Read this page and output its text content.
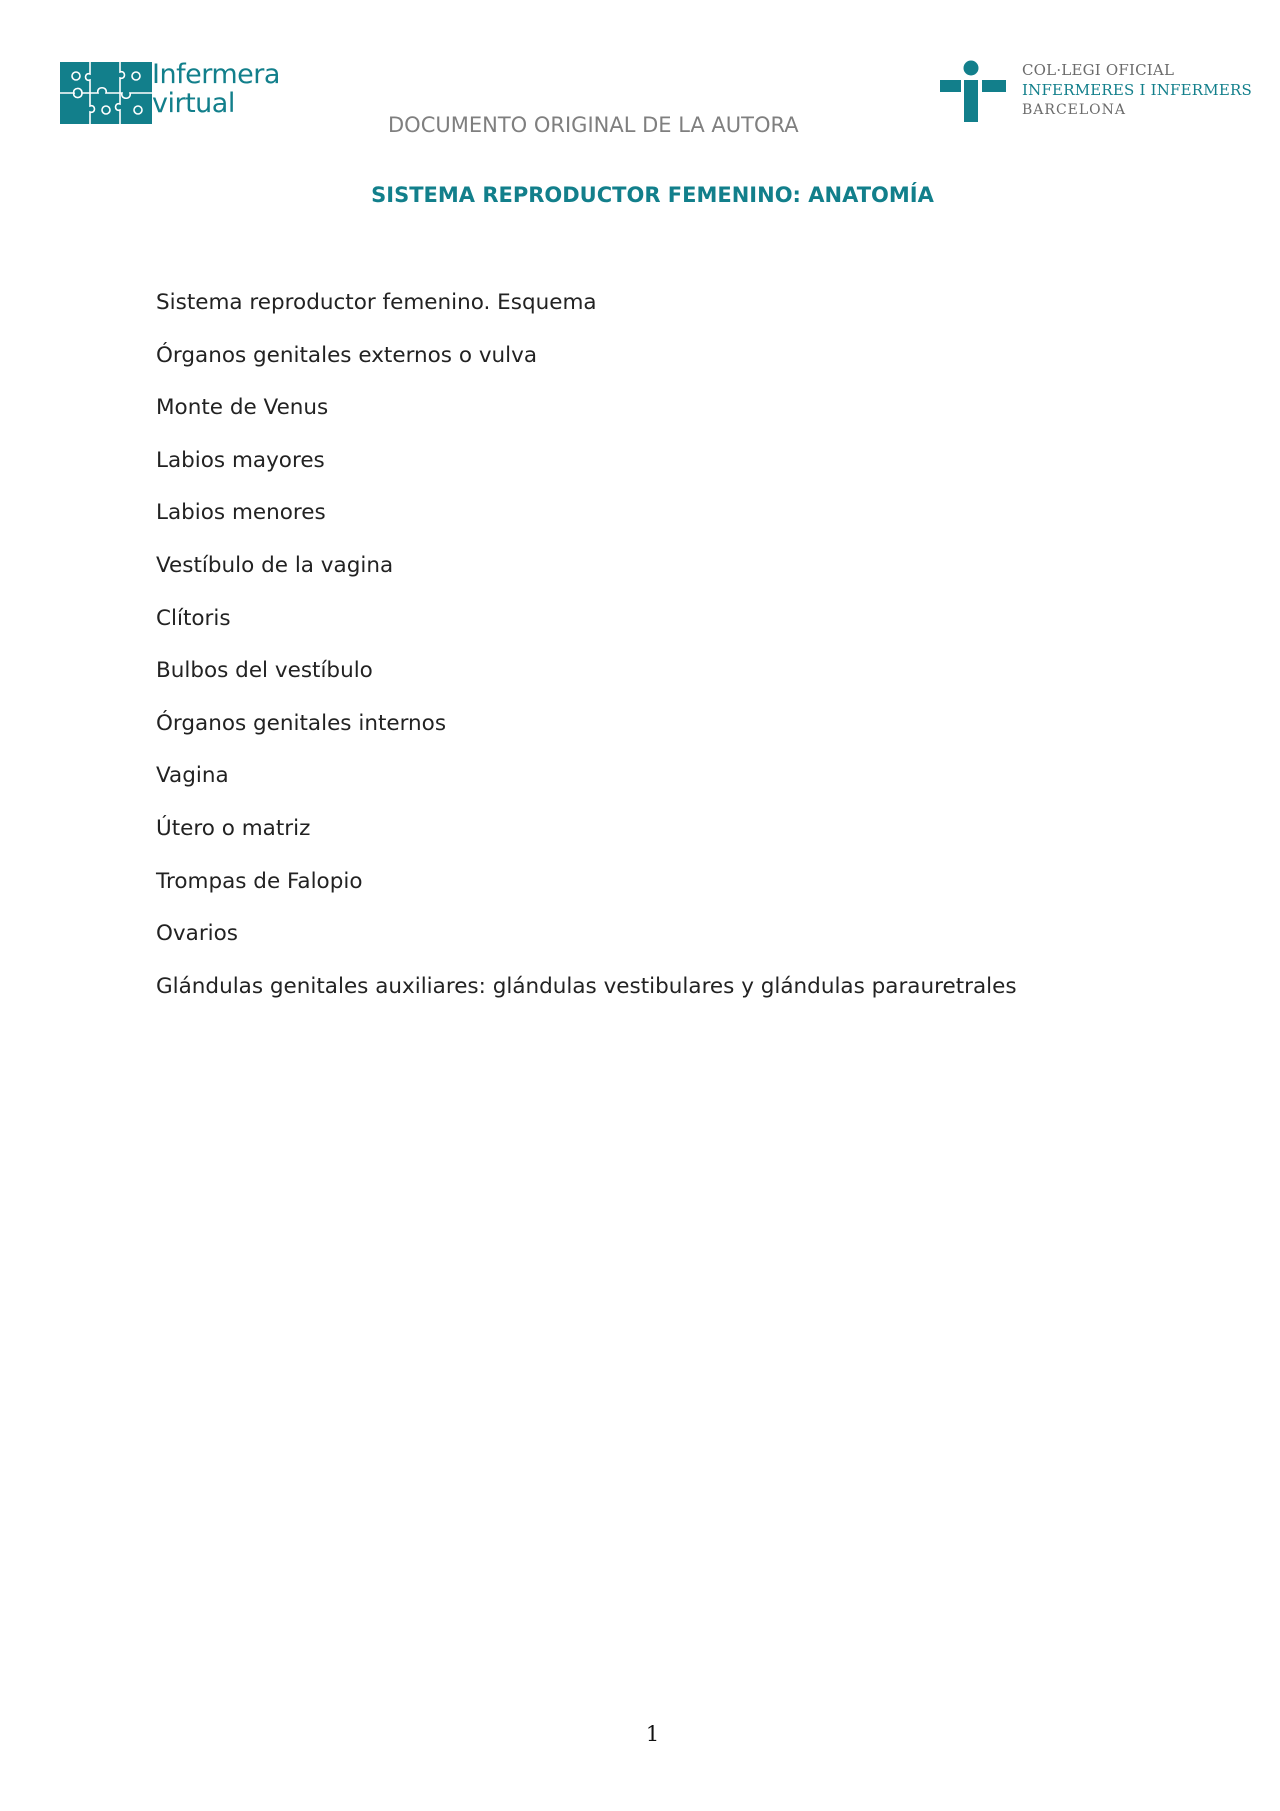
Infermera
virtual
COL·LEGI OFICIAL
INFERMERES I INFERMERS
BARCELONA
DOCUMENTO ORIGINAL DE LA AUTORA
SISTEMA REPRODUCTOR FEMENINO: ANATOMÍA
Sistema reproductor femenino. Esquema
Órganos genitales externos o vulva
Monte de Venus
Labios mayores
Labios menores
Vestíbulo de la vagina
Clítoris
Bulbos del vestíbulo
Órganos genitales internos
Vagina
Útero o matriz
Trompas de Falopio
Ovarios
Glándulas genitales auxiliares: glándulas vestibulares y glándulas parauretrales
1
